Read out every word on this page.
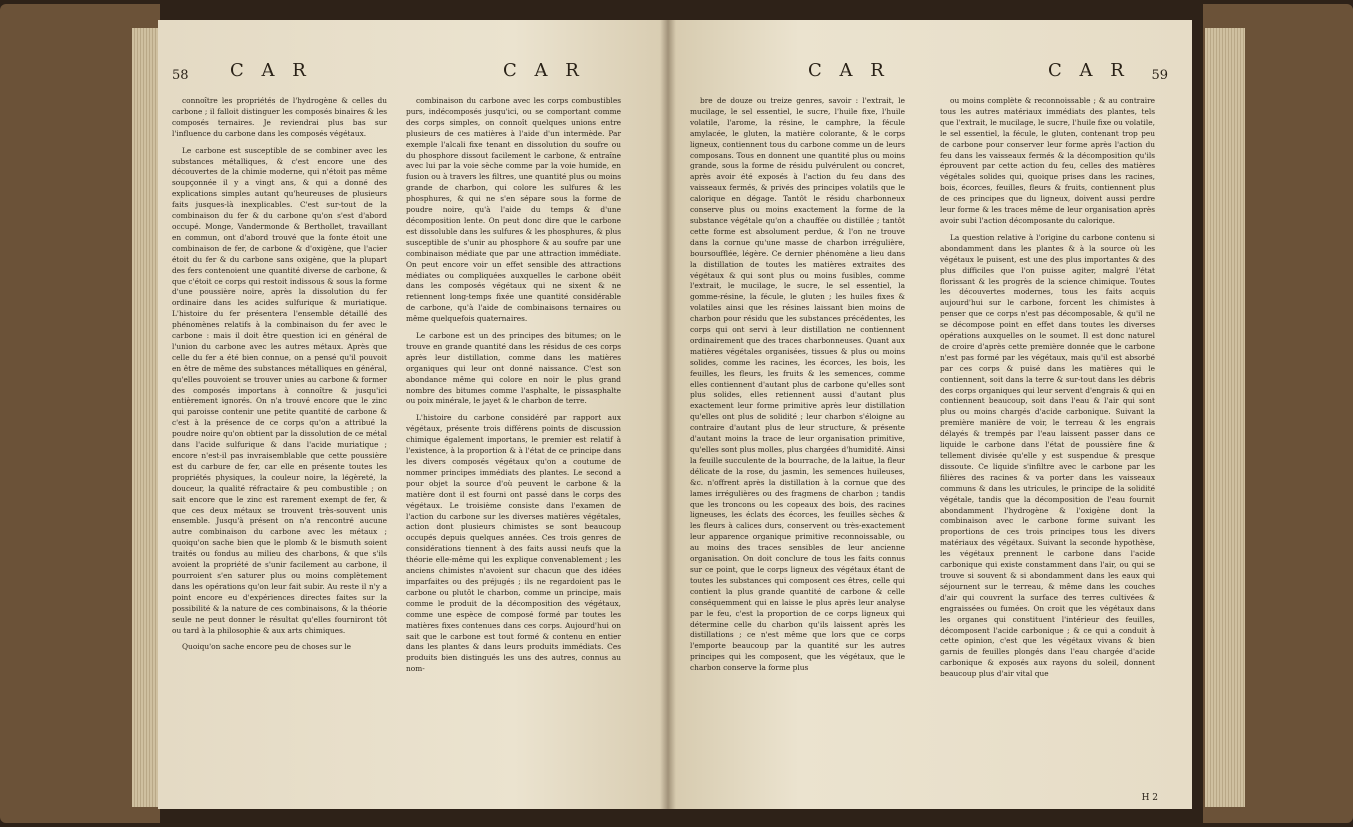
58 C A R	C A R

connoître les propriétés de l'hydrogène & celles du carbone ; il falloit distinguer les composés binaires & les composés ternaires. Je reviendrai plus bas sur l'influence du carbone dans les composés végétaux.

Le carbone est susceptible de se combiner avec les substances métalliques, & c'est encore une des découvertes de la chimie moderne, qui n'étoit pas même soupçonnée il y a vingt ans, & qui a donné des explications simples autant qu'heureuses de plusieurs faits jusques-là inexplicables. C'est sur-tout de la combinaison du fer & du carbone qu'on s'est d'abord occupé. Monge, Vandermonde & Berthollet, travaillant en commun, ont d'abord trouvé que la fonte étoit une combinaison de fer, de carbone & d'oxigène, que l'acier étoit du fer & du carbone sans oxigène, que la plupart des fers contenoient une quantité diverse de carbone, & que c'étoit ce corps qui restoit indissous & sous la forme d'une poussière noire, après la dissolution du fer ordinaire dans les acides sulfurique & muriatique. L'histoire du fer présentera l'ensemble détaillé des phénomènes relatifs à la combinaison du fer avec le carbone : mais il doit être question ici en général de l'union du carbone avec les autres métaux. Après que celle du fer a été bien connue, on a pensé qu'il pouvoit en être de même des substances métalliques en général, qu'elles pouvoient se trouver unies au carbone & former des composés importans à connoître & jusqu'ici entièrement ignorés. On n'a trouvé encore que le zinc qui paroisse contenir une petite quantité de carbone & c'est à la présence de ce corps qu'on a attribué la poudre noire qu'on obtient par la dissolution de ce métal dans l'acide sulfurique & dans l'acide muriatique ; encore n'est-il pas invraisemblable que cette poussière est du carbure de fer, car elle en présente toutes les propriétés physiques, la couleur noire, la légèreté, la douceur, la qualité réfractaire & peu combustible ; on sait encore que le zinc est rarement exempt de fer, & que ces deux métaux se trouvent très-souvent unis ensemble. Jusqu'à présent on n'a rencontré aucune autre combinaison du carbone avec les métaux ; quoiqu'on sache bien que le plomb & le bismuth soient traités ou fondus au milieu des charbons, & que s'ils avoient la propriété de s'unir facilement au carbone, il pourroient s'en saturer plus ou moins complètement dans les opérations qu'on leur fait subir. Au reste il n'y a point encore eu d'expériences directes faites sur la possibilité & la nature de ces combinaisons, & la théorie seule ne peut donner le résultat qu'elles fourniront tôt ou tard à la philosophie & aux arts chimiques.

Quoiqu'on sache encore peu de choses sur le

combinaison du carbone avec les corps combustibles purs, indécomposés jusqu'ici, ou se comportant comme des corps simples, on connoît quelques unions entre plusieurs de ces matières à l'aide d'un intermède. Par exemple l'alcali fixe tenant en dissolution du soufre ou du phosphore dissout facilement le carbone, & entraîne avec lui par la voie sèche comme par la voie humide, en fusion ou à travers les filtres, une quantité plus ou moins grande de charbon, qui colore les sulfures & les phosphures, & qui ne s'en sépare sous la forme de poudre noire, qu'à l'aide du temps & d'une décomposition lente. On peut donc dire que le carbone est dissoluble dans les sulfures & les phosphures, & plus susceptible de s'unir au phosphore & au soufre par une combinaison médiate que par une attraction immédiate. On peut encore voir un effet sensible des attractions médiates ou compliquées auxquelles le carbone obéit dans les composés végétaux qui ne sixent & ne retiennent long-temps fixée une quantité considérable de carbone, qu'à l'aide de combinaisons ternaires ou même quelquefois quaternaires.

Le carbone est un des principes des bitumes; on le trouve en grande quantité dans les résidus de ces corps après leur distillation, comme dans les matières organiques qui leur ont donné naissance. C'est son abondance même qui colore en noir le plus grand nombre des bitumes comme l'asphalte, le pissasphalte ou poix minérale, le jayet & le charbon de terre.

L'histoire du carbone considéré par rapport aux végétaux, présente trois différens points de discussion chimique également importans, le premier est relatif à l'existence, à la proportion & à l'état de ce principe dans les divers composés végétaux qu'on a coutume de nommer principes immédiats des plantes. Le second a pour objet la source d'où peuvent le carbone & la matière dont il est fourni ont passé dans le corps des végétaux. Le troisième consiste dans l'examen de l'action du carbone sur les diverses matières végétales, action dont plusieurs chimistes se sont beaucoup occupés depuis quelques années. Ces trois genres de considérations tiennent à des faits aussi neufs que la théorie elle-même qui les explique convenablement ; les anciens chimistes n'avoient sur chacun que des idées imparfaites ou des préjugés ; ils ne regardoient pas le carbone ou plutôt le charbon, comme un principe, mais comme le produit de la décomposition des végétaux, comme une espèce de composé formé par toutes les matières fixes contenues dans ces corps. Aujourd'hui on sait que le carbone est tout formé & contenu en entier dans les plantes & dans leurs produits immédiats. Ces produits bien distingués les uns des autres, connus au nom-

C A R	C A R 59

bre de douze ou treize genres, savoir : l'extrait, le mucilage, le sel essentiel, le sucre, l'huile fixe, l'huile volatile, l'arome, la résine, le camphre, la fécule amylacée, le gluten, la matière colorante, & le corps ligneux, contiennent tous du carbone comme un de leurs composans. Tous en donnent une quantité plus ou moins grande, sous la forme de résidu pulvérulent ou concret, après avoir été exposés à l'action du feu dans des vaisseaux fermés, & privés des principes volatils que le calorique en dégage. Tantôt le résidu charbonneux conserve plus ou moins exactement la forme de la substance végétale qu'on a chauffée ou distillée ; tantôt cette forme est absolument perdue, & l'on ne trouve dans la cornue qu'une masse de charbon irrégulière, boursoufflée, légère. Ce dernier phénomène a lieu dans la distillation de toutes les matières extraites des végétaux & qui sont plus ou moins fusibles, comme l'extrait, le mucilage, le sucre, le sel essentiel, la gomme-résine, la fécule, le gluten ; les huiles fixes & volatiles ainsi que les résines laissant bien moins de charbon pour résidu que les substances précédentes, les corps qui ont servi à leur distillation ne contiennent ordinairement que des traces charbonneuses. Quant aux matières végétales organisées, tissues & plus ou moins solides, comme les racines, les écorces, les bois, les feuilles, les fleurs, les fruits & les semences, comme elles contiennent d'autant plus de carbone qu'elles sont plus solides, elles retiennent aussi d'autant plus exactement leur forme primitive après leur distillation qu'elles ont plus de solidité ; leur charbon s'éloigne au contraire d'autant plus de leur structure, & présente d'autant moins la trace de leur organisation primitive, qu'elles sont plus molles, plus chargées d'humidité. Ainsi la feuille succulente de la bourrache, de la laitue, la fleur délicate de la rose, du jasmin, les semences huileuses, &c. n'offrent après la distillation à la cornue que des lames irrégulières ou des fragmens de charbon ; tandis que les troncons ou les copeaux des bois, des racines ligneuses, les éclats des écorces, les feuilles sèches & les fleurs à calices durs, conservent ou très-exactement leur apparence organique primitive reconnoissable, ou au moins des traces sensibles de leur ancienne organisation. On doit conclure de tous les faits connus sur ce point, que le corps ligneux des végétaux étant de toutes les substances qui composent ces êtres, celle qui contient la plus grande quantité de carbone & celle conséquemment qui en laisse le plus après leur analyse par le feu, c'est la proportion de ce corps ligneux qui détermine celle du charbon qu'ils laissent après les distillations ; ce n'est même que lors que ce corps l'emporte beaucoup par la quantité sur les autres principes qui les composent, que les végétaux, que le charbon conserve la forme plus

ou moins complète & reconnoissable ; & au contraire tous les autres matériaux immédiats des plantes, tels que l'extrait, le mucilage, le sucre, l'huile fixe ou volatile, le sel essentiel, la fécule, le gluten, contenant trop peu de carbone pour conserver leur forme après l'action du feu dans les vaisseaux fermés & la décomposition qu'ils éprouvent par cette action du feu, celles des matières végétales solides qui, quoique prises dans les racines, bois, écorces, feuilles, fleurs & fruits, contiennent plus de ces principes que du ligneux, doivent aussi perdre leur forme & les traces même de leur organisation après avoir subi l'action décomposante du calorique.

La question relative à l'origine du carbone contenu si abondamment dans les plantes & à la source où les végétaux le puisent, est une des plus importantes & des plus difficiles que l'on puisse agiter, malgré l'état florissant & les progrès de la science chimique. Toutes les découvertes modernes, tous les faits acquis aujourd'hui sur le carbone, forcent les chimistes à penser que ce corps n'est pas décomposable, & qu'il ne se décompose point en effet dans toutes les diverses opérations auxquelles on le soumet. Il est donc naturel de croire d'après cette première donnée que le carbone n'est pas formé par les végétaux, mais qu'il est absorbé par ces corps & puisé dans les matières qui le contiennent, soit dans la terre & sur-tout dans les débris des corps organiques qui leur servent d'engrais & qui en contiennent beaucoup, soit dans l'eau & l'air qui sont plus ou moins chargés d'acide carbonique. Suivant la première manière de voir, le terreau & les engrais délayés & trempés par l'eau laissent passer dans ce liquide le carbone dans l'état de poussière fine & tellement divisée qu'elle y est suspendue & presque dissoute. Ce liquide s'infiltre avec le carbone par les filières des racines & va porter dans les vaisseaux communs & dans les utricules, le principe de la solidité végétale, tandis que la décomposition de l'eau fournit abondamment l'hydrogène & l'oxigène dont la combinaison avec le carbone forme suivant les proportions de ces trois principes tous les divers matériaux des végétaux. Suivant la seconde hypothèse, les végétaux prennent le carbone dans l'acide carbonique qui existe constamment dans l'air, ou qui se trouve si souvent & si abondamment dans les eaux qui séjournent sur le terreau, & même dans les couches d'air qui couvrent la surface des terres cultivées & engraissées ou fumées. On croit que les végétaux dans les organes qui constituent l'intérieur des feuilles, décomposent l'acide carbonique ; & ce qui a conduit à cette opinion, c'est que les végétaux vivans & bien garnis de feuilles plongés dans l'eau chargée d'acide carbonique & exposés aux rayons du soleil, donnent beaucoup plus d'air vital que

H 2
